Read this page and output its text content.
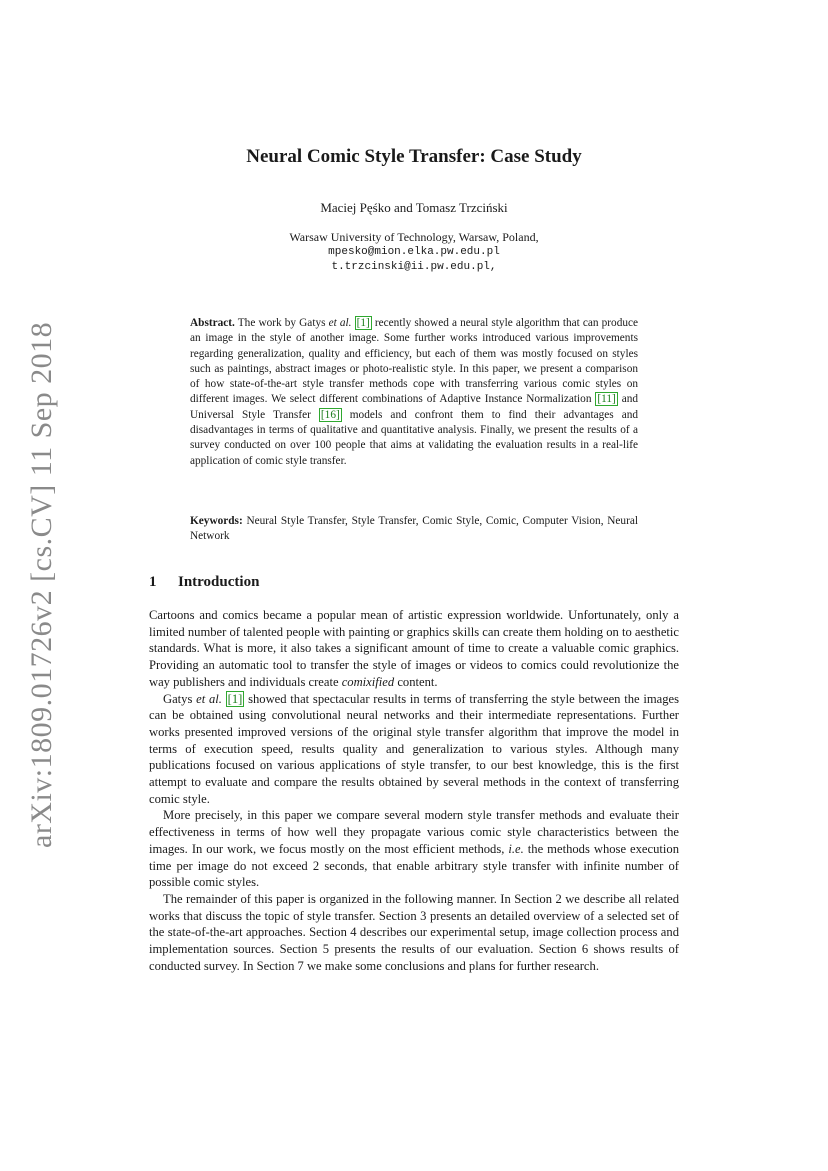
arXiv:1809.01726v2 [cs.CV] 11 Sep 2018
Neural Comic Style Transfer: Case Study
Maciej Pęśko and Tomasz Trzciński
Warsaw University of Technology, Warsaw, Poland,
mpesko@mion.elka.pw.edu.pl
t.trzcinski@ii.pw.edu.pl,
Abstract. The work by Gatys et al. [1] recently showed a neural style algorithm that can produce an image in the style of another image. Some further works introduced various improvements regarding generalization, quality and efficiency, but each of them was mostly focused on styles such as paintings, abstract images or photo-realistic style. In this paper, we present a comparison of how state-of-the-art style transfer methods cope with transferring various comic styles on different images. We select different combinations of Adaptive Instance Normalization [11] and Universal Style Transfer [16] models and confront them to find their advantages and disadvantages in terms of qualitative and quantitative analysis. Finally, we present the results of a survey conducted on over 100 people that aims at validating the evaluation results in a real-life application of comic style transfer.
Keywords: Neural Style Transfer, Style Transfer, Comic Style, Comic, Computer Vision, Neural Network
1 Introduction

Cartoons and comics became a popular mean of artistic expression worldwide. Unfortunately, only a limited number of talented people with painting or graphics skills can create them holding on to aesthetic standards. What is more, it also takes a significant amount of time to create a valuable comic graphics. Providing an automatic tool to transfer the style of images or videos to comics could revolutionize the way publishers and individuals create comixified content.

Gatys et al. [1] showed that spectacular results in terms of transferring the style between the images can be obtained using convolutional neural networks and their intermediate representations. Further works presented improved versions of the original style transfer algorithm that improve the model in terms of execution speed, results quality and generalization to various styles. Although many publications focused on various applications of style transfer, to our best knowledge, this is the first attempt to evaluate and compare the results obtained by several methods in the context of transferring comic style.

More precisely, in this paper we compare several modern style transfer methods and evaluate their effectiveness in terms of how well they propagate various comic style characteristics between the images. In our work, we focus mostly on the most efficient methods, i.e. the methods whose execution time per image do not exceed 2 seconds, that enable arbitrary style transfer with infinite number of possible comic styles.

The remainder of this paper is organized in the following manner. In Section 2 we describe all related works that discuss the topic of style transfer. Section 3 presents an detailed overview of a selected set of the state-of-the-art approaches. Section 4 describes our experimental setup, image collection process and implementation sources. Section 5 presents the results of our evaluation. Section 6 shows results of conducted survey. In Section 7 we make some conclusions and plans for further research.
